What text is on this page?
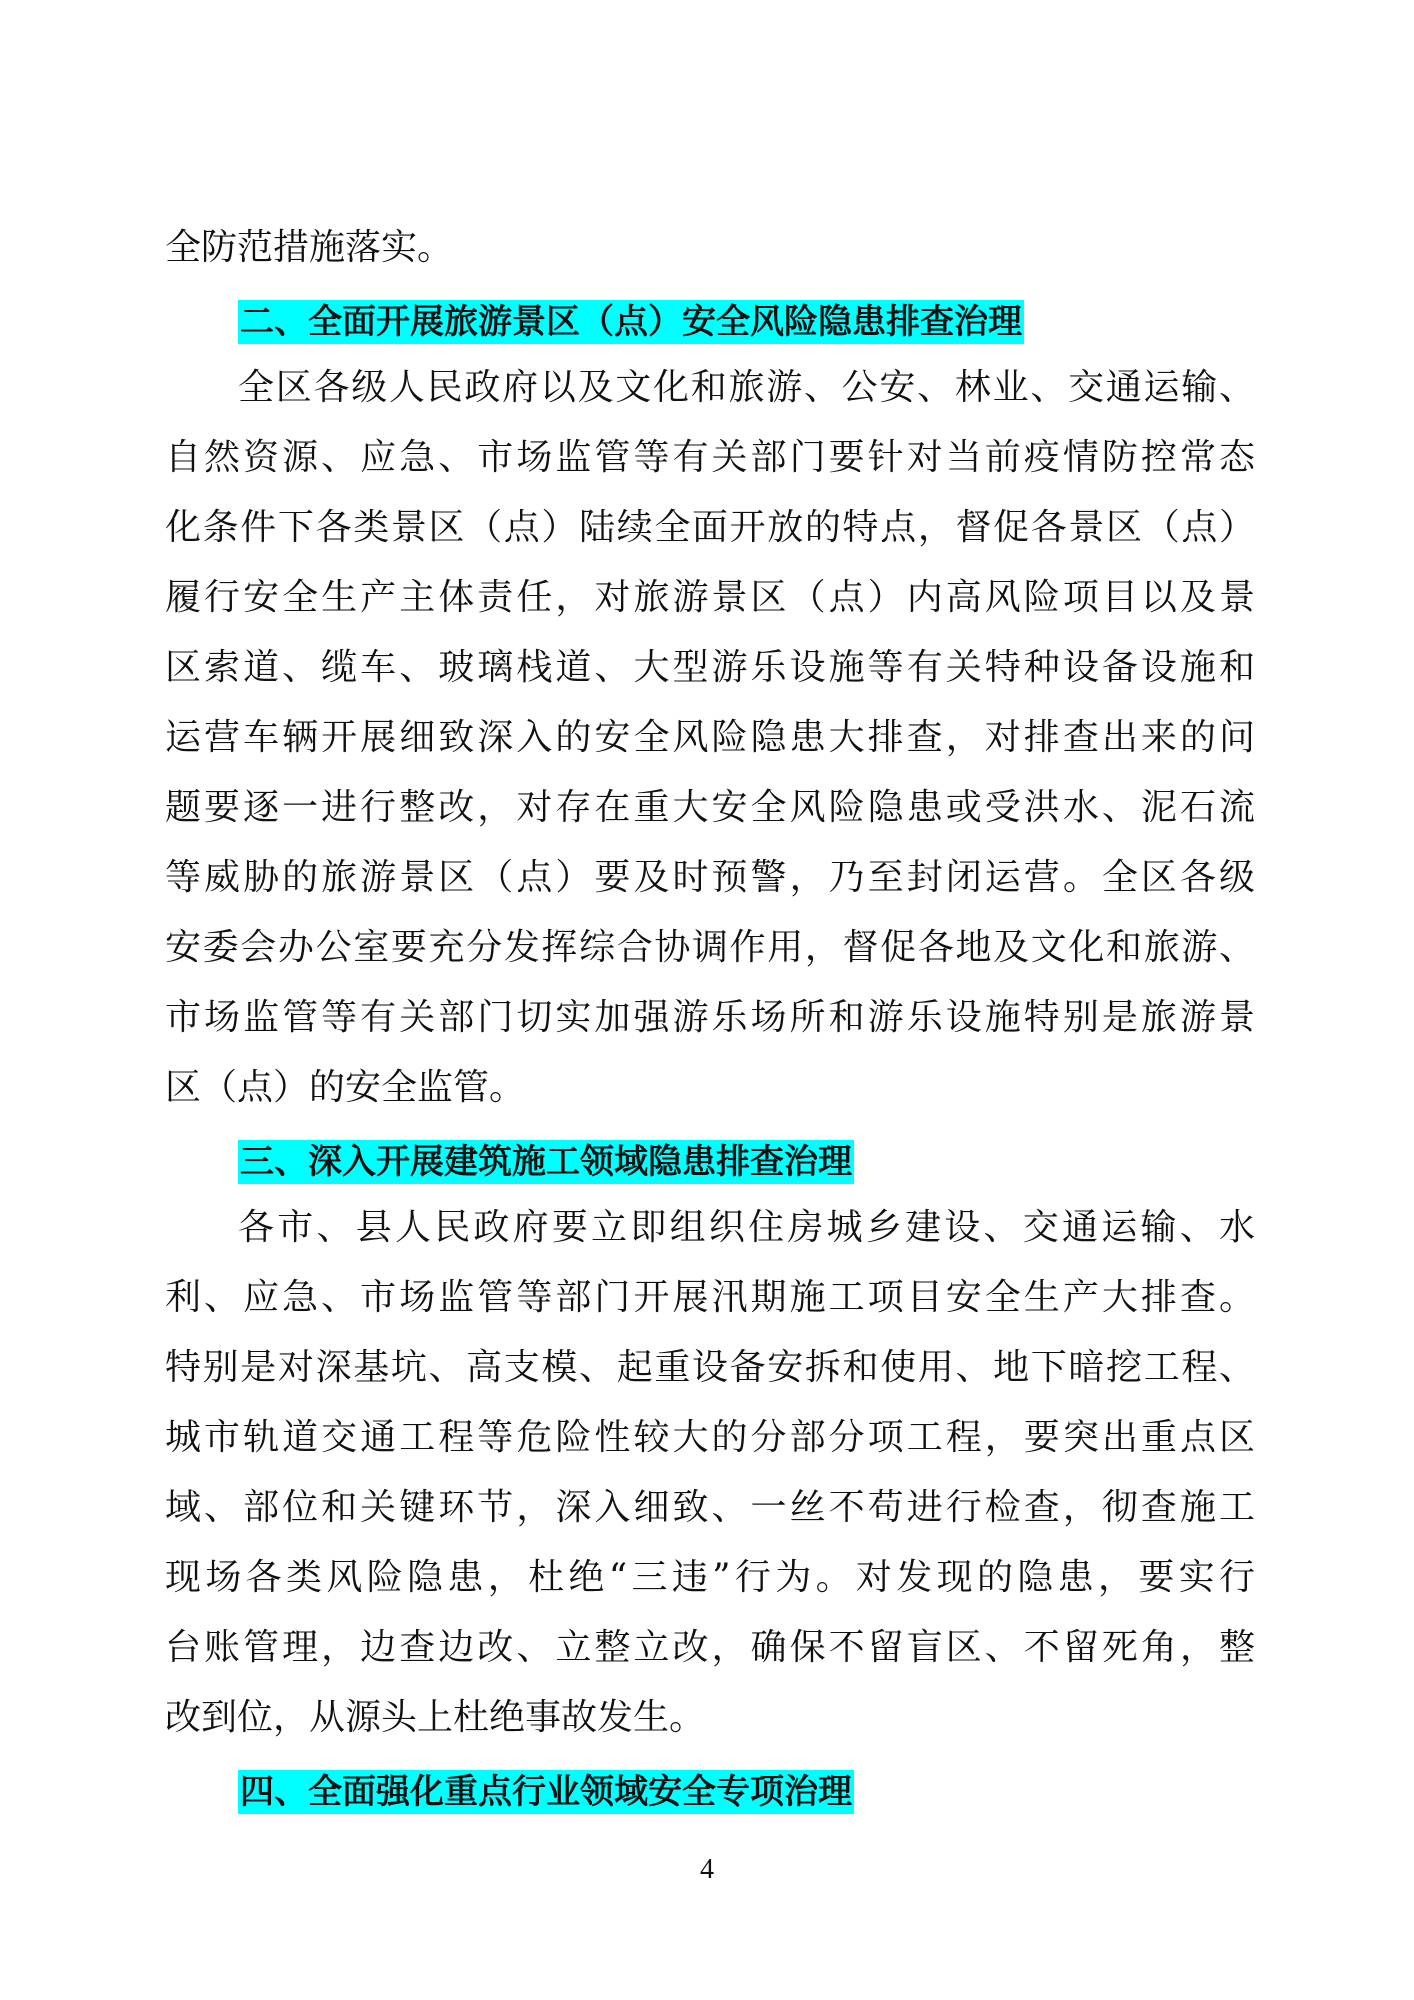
全防范措施落实。
二、全面开展旅游景区（点）安全风险隐患排查治理
全区各级人民政府以及文化和旅游、公安、林业、交通运输、
自然资源、应急、市场监管等有关部门要针对当前疫情防控常态
化条件下各类景区（点）陆续全面开放的特点，督促各景区（点）
履行安全生产主体责任，对旅游景区（点）内高风险项目以及景
区索道、缆车、玻璃栈道、大型游乐设施等有关特种设备设施和
运营车辆开展细致深入的安全风险隐患大排查，对排查出来的问
题要逐一进行整改，对存在重大安全风险隐患或受洪水、泥石流
等威胁的旅游景区（点）要及时预警，乃至封闭运营。全区各级
安委会办公室要充分发挥综合协调作用，督促各地及文化和旅游、
市场监管等有关部门切实加强游乐场所和游乐设施特别是旅游景
区（点）的安全监管。
三、深入开展建筑施工领域隐患排查治理
各市、县人民政府要立即组织住房城乡建设、交通运输、水
利、应急、市场监管等部门开展汛期施工项目安全生产大排查。
特别是对深基坑、高支模、起重设备安拆和使用、地下暗挖工程、
城市轨道交通工程等危险性较大的分部分项工程，要突出重点区
域、部位和关键环节，深入细致、一丝不苟进行检查，彻查施工
现场各类风险隐患，杜绝“三违”行为。对发现的隐患，要实行
台账管理，边查边改、立整立改，确保不留盲区、不留死角，整
改到位，从源头上杜绝事故发生。
四、全面强化重点行业领域安全专项治理
4
